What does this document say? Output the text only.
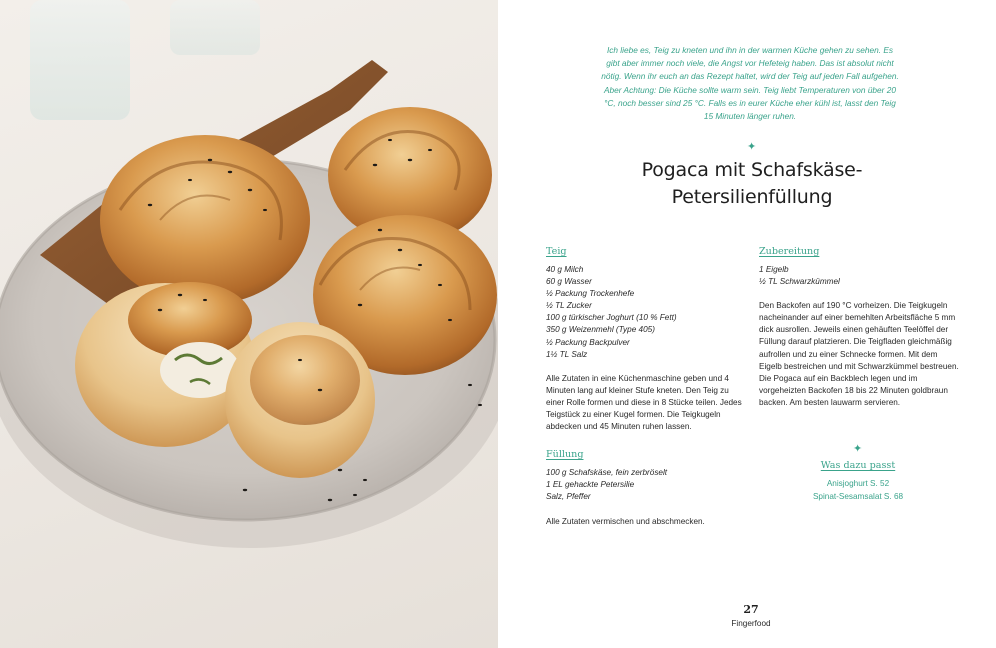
Ich liebe es, Teig zu kneten und ihn in der warmen Küche gehen zu sehen. Es gibt aber immer noch viele, die Angst vor Hefeteig haben. Das ist absolut nicht nötig. Wenn ihr euch an das Rezept haltet, wird der Teig auf jeden Fall aufgehen. Aber Achtung: Die Küche sollte warm sein. Teig liebt Temperaturen von über 20 °C, noch besser sind 25 °C. Falls es in eurer Küche eher kühl ist, lasst den Teig 15 Minuten länger ruhen.
✦
Pogaca mit Schafskäse-
Petersilienfüllung
Teig
40 g Milch
60 g Wasser
½ Packung Trockenhefe
½ TL Zucker
100 g türkischer Joghurt (10 % Fett)
350 g Weizenmehl (Type 405)
½ Packung Backpulver
1½ TL Salz
Alle Zutaten in eine Küchenmaschine geben und 4 Minuten lang auf kleiner Stufe kneten. Den Teig zu einer Rolle formen und diese in 8 Stücke teilen. Jedes Teigstück zu einer Kugel formen. Die Teigkugeln abdecken und 45 Minuten ruhen lassen.
Füllung
100 g Schafskäse, fein zerbröselt
1 EL gehackte Petersilie
Salz, Pfeffer
Alle Zutaten vermischen und abschmecken.
Zubereitung
1 Eigelb
½ TL Schwarzkümmel
Den Backofen auf 190 °C vorheizen. Die Teigkugeln nacheinander auf einer bemehlten Arbeitsfläche 5 mm dick ausrollen. Jeweils einen gehäuften Teelöffel der Füllung darauf platzieren. Die Teigfladen gleichmäßig aufrollen und zu einer Schnecke formen. Mit dem Eigelb bestreichen und mit Schwarzkümmel bestreuen. Die Pogaca auf ein Backblech legen und im vorgeheizten Backofen 18 bis 22 Minuten goldbraun backen. Am besten lauwarm servieren.
✦
Was dazu passt
Anisjoghurt S. 52
Spinat-Sesamsalat S. 68
27
Fingerfood
